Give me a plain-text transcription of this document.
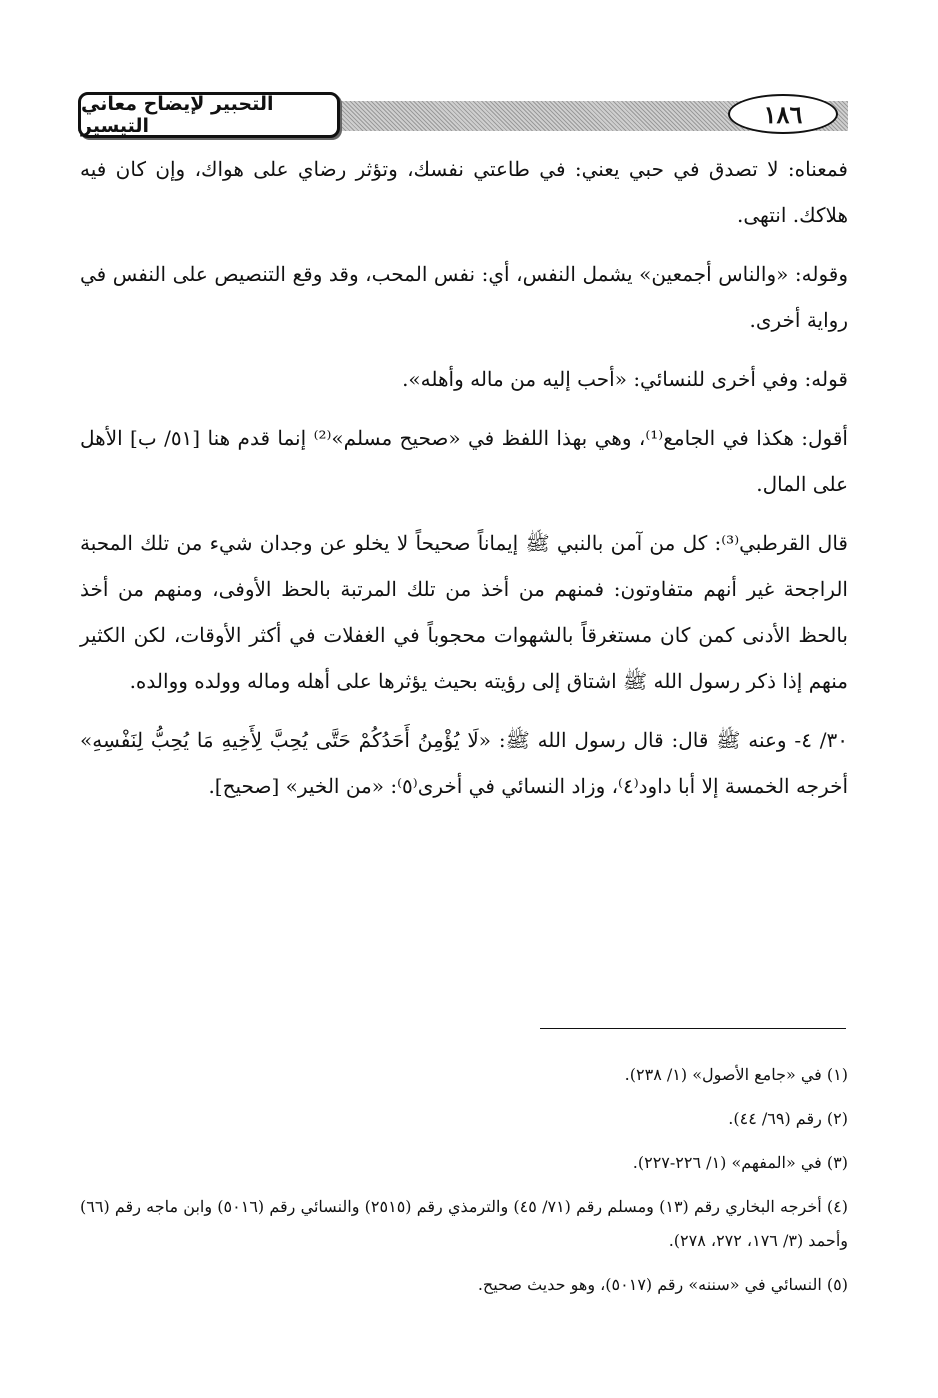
التحبير لإيضاح معاني التيسير	١٨٦

فمعناه: لا تصدق في حبي يعني: في طاعتي نفسك، وتؤثر رضاي على هواك، وإن كان فيه هلاكك. انتهى.

وقوله: «والناس أجمعين» يشمل النفس، أي: نفس المحب، وقد وقع التنصيص على النفس في رواية أخرى.

قوله: وفي أخرى للنسائي: «أحب إليه من ماله وأهله».

أقول: هكذا في الجامع⁽¹⁾، وهي بهذا اللفظ في «صحيح مسلم»⁽²⁾ إنما قدم هنا [٥١/ ب] الأهل على المال.

قال القرطبي⁽³⁾: كل من آمن بالنبي ﷺ إيماناً صحيحاً لا يخلو عن وجدان شيء من تلك المحبة الراجحة غير أنهم متفاوتون: فمنهم من أخذ من تلك المرتبة بالحظ الأوفى، ومنهم من أخذ بالحظ الأدنى كمن كان مستغرقاً بالشهوات محجوباً في الغفلات في أكثر الأوقات، لكن الكثير منهم إذا ذكر رسول الله ﷺ اشتاق إلى رؤيته بحيث يؤثرها على أهله وماله وولده ووالده.

٣٠/ ٤- وعنه ﷺ قال: قال رسول الله ﷺ: «لَا يُؤْمِنُ أَحَدُكُمْ حَتَّى يُحِبَّ لِأَخِيهِ مَا يُحِبُّ لِنَفْسِهِ» أخرجه الخمسة إلا أبا داود⁽٤⁾، وزاد النسائي في أخرى⁽٥⁾: «من الخير» [صحيح].

(١) في «جامع الأصول» (١/ ٢٣٨).

(٢) رقم (٦٩/ ٤٤).

(٣) في «المفهم» (١/ ٢٢٦-٢٢٧).

(٤) أخرجه البخاري رقم (١٣) ومسلم رقم (٧١/ ٤٥) والترمذي رقم (٢٥١٥) والنسائي رقم (٥٠١٦) وابن ماجه رقم (٦٦) وأحمد (٣/ ١٧٦، ٢٧٢، ٢٧٨).

(٥) النسائي في «سننه» رقم (٥٠١٧)، وهو حديث صحيح.
